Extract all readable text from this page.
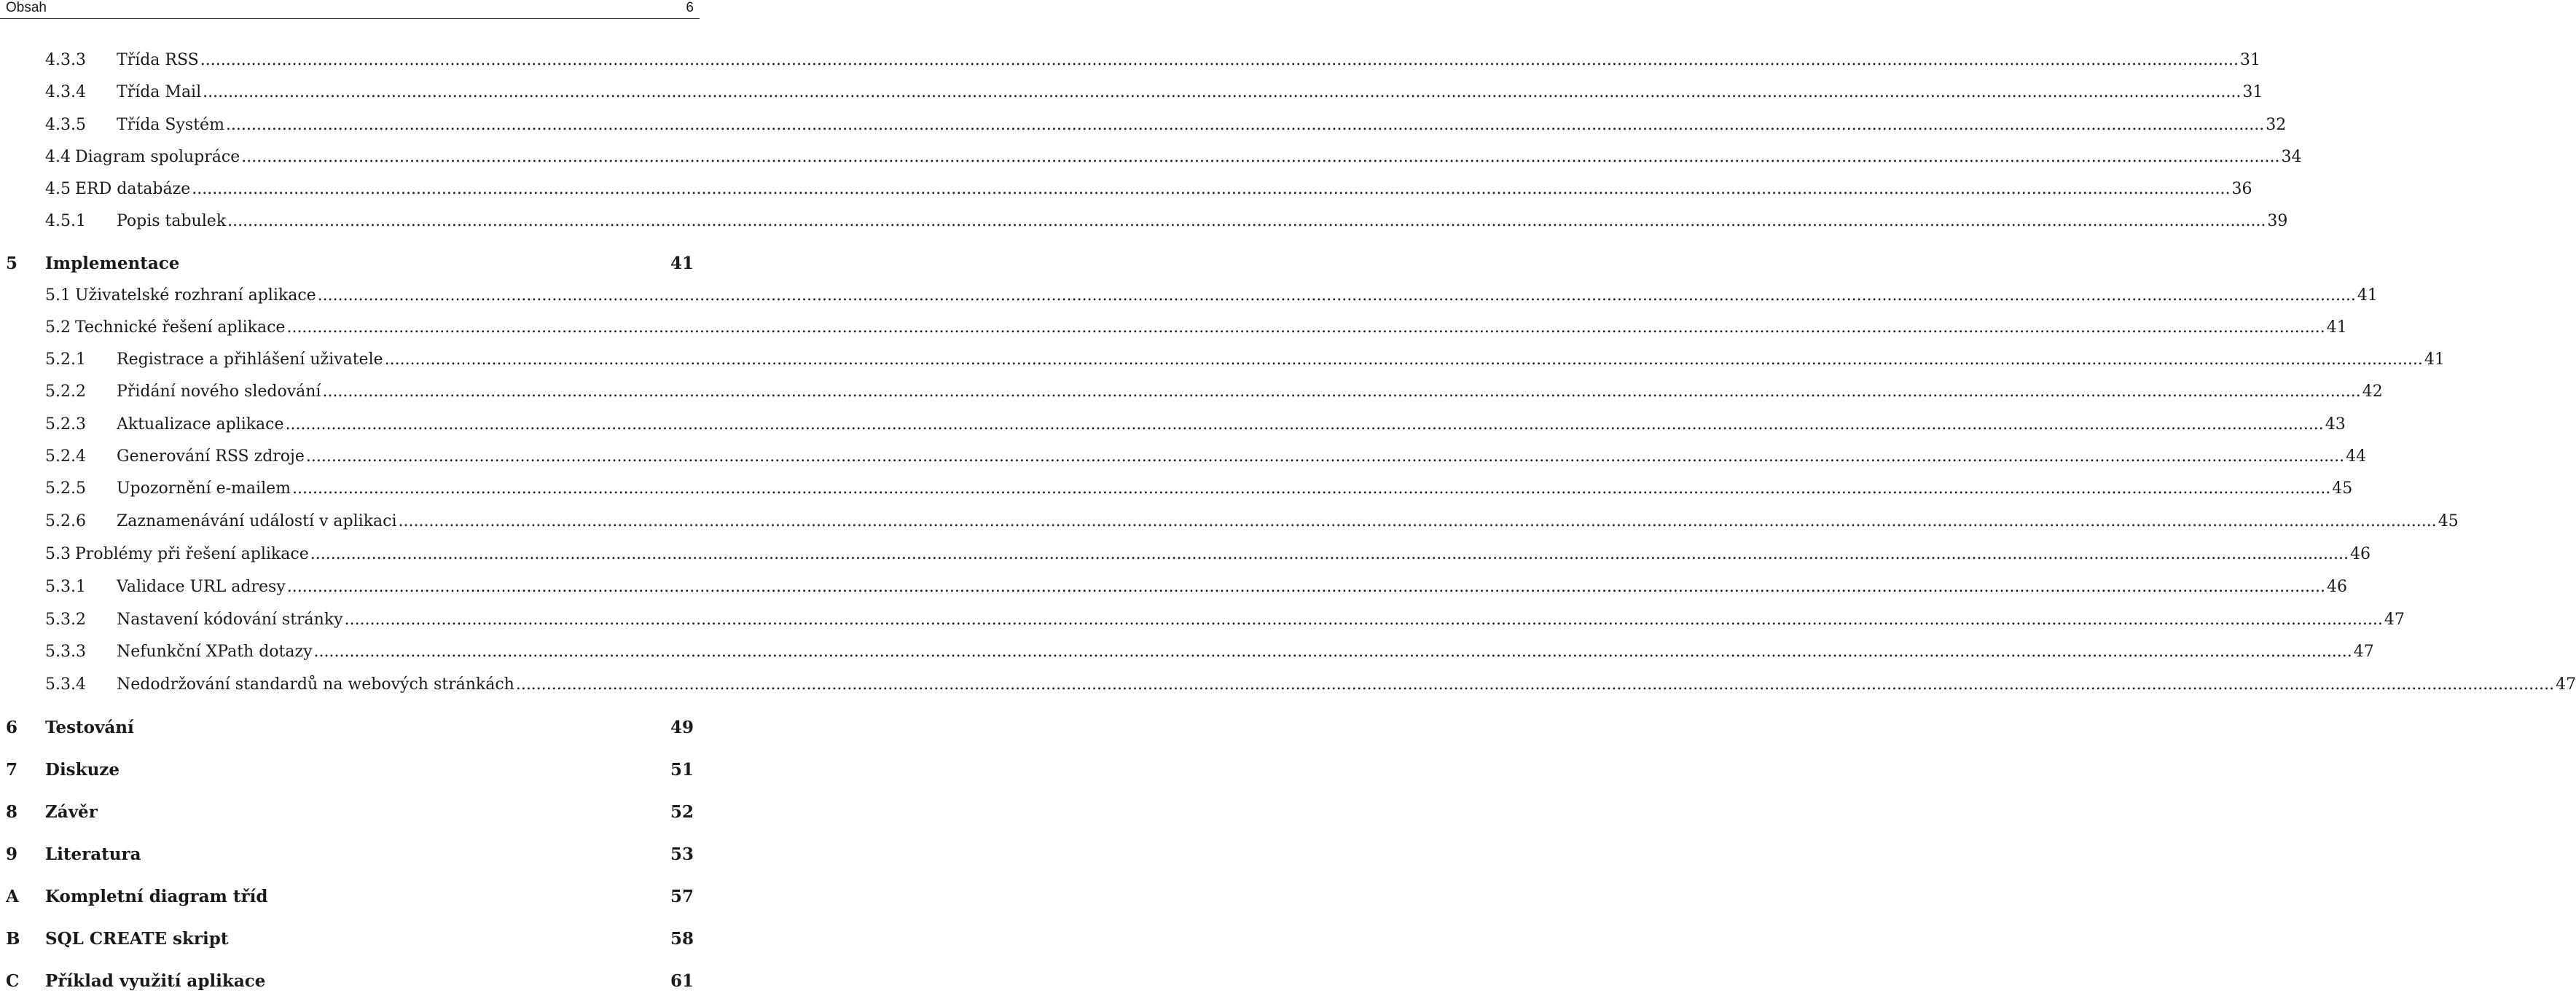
Obsah	6
4.3.3 Třída RSS ................................................................................................................................................................................................................................................................................................................................................................................................................ 31
4.3.4 Třída Mail ................................................................................................................................................................................................................................................................................................................................................................................................................ 31
4.3.5 Třída Systém ................................................................................................................................................................................................................................................................................................................................................................................................................ 32
4.4 Diagram spolupráce ................................................................................................................................................................................................................................................................................................................................................................................................................ 34
4.5 ERD databáze ................................................................................................................................................................................................................................................................................................................................................................................................................ 36
4.5.1 Popis tabulek ................................................................................................................................................................................................................................................................................................................................................................................................................ 39
5 Implementace	41
5.1 Uživatelské rozhraní aplikace ................................................................................................................................................................................................................................................................................................................................................................................................................ 41
5.2 Technické řešení aplikace ................................................................................................................................................................................................................................................................................................................................................................................................................ 41
5.2.1 Registrace a přihlášení uživatele ................................................................................................................................................................................................................................................................................................................................................................................................................ 41
5.2.2 Přidání nového sledování ................................................................................................................................................................................................................................................................................................................................................................................................................ 42
5.2.3 Aktualizace aplikace ................................................................................................................................................................................................................................................................................................................................................................................................................ 43
5.2.4 Generování RSS zdroje ................................................................................................................................................................................................................................................................................................................................................................................................................ 44
5.2.5 Upozornění e-mailem ................................................................................................................................................................................................................................................................................................................................................................................................................ 45
5.2.6 Zaznamenávání událostí v aplikaci ................................................................................................................................................................................................................................................................................................................................................................................................................ 45
5.3 Problémy při řešení aplikace ................................................................................................................................................................................................................................................................................................................................................................................................................ 46
5.3.1 Validace URL adresy ................................................................................................................................................................................................................................................................................................................................................................................................................ 46
5.3.2 Nastavení kódování stránky ................................................................................................................................................................................................................................................................................................................................................................................................................ 47
5.3.3 Nefunkční XPath dotazy ................................................................................................................................................................................................................................................................................................................................................................................................................ 47
5.3.4 Nedodržování standardů na webových stránkách ................................................................................................................................................................................................................................................................................................................................................................................................................ 47
6 Testování	49
7 Diskuze	51
8 Závěr	52
9 Literatura	53
A Kompletní diagram tříd	57
B SQL CREATE skript	58
C Příklad využití aplikace	61
